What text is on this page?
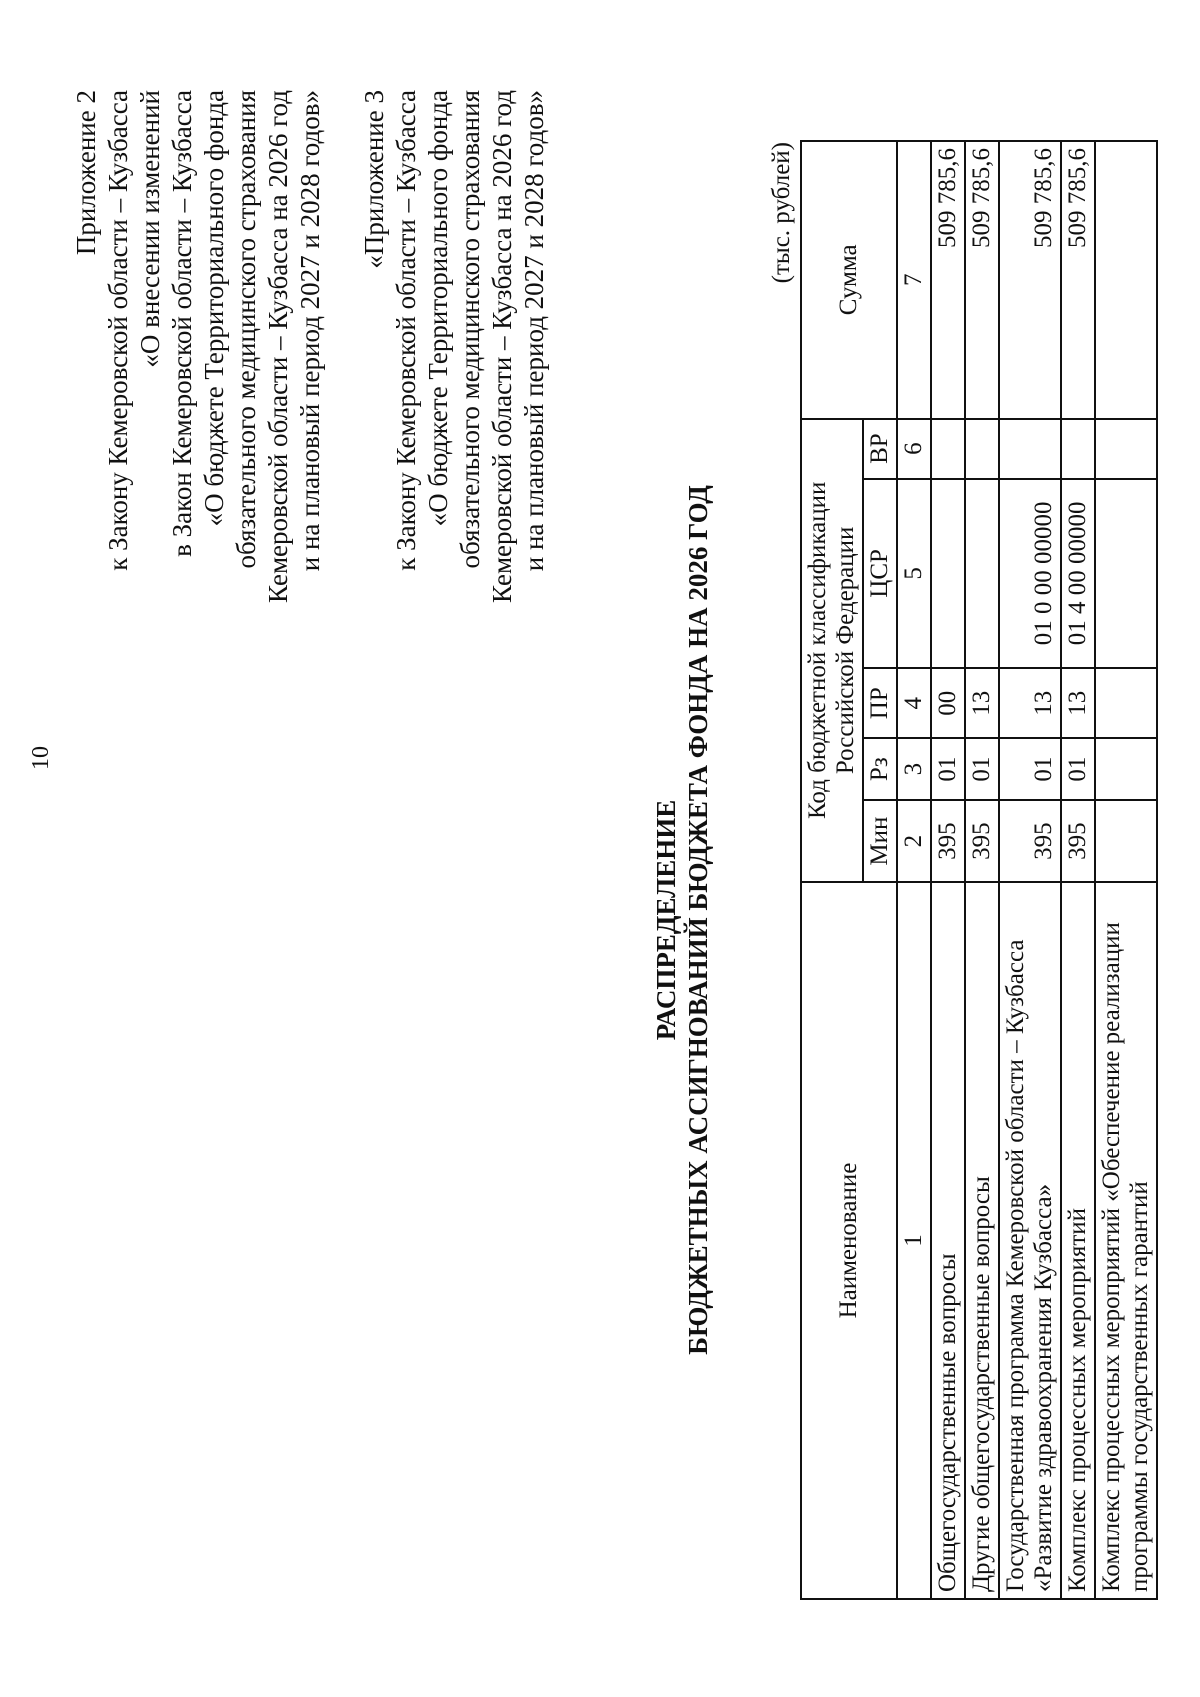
10
Приложение 2 к Закону Кемеровской области – Кузбасса «О внесении изменений в Закон Кемеровской области – Кузбасса «О бюджете Территориального фонда обязательного медицинского страхования Кемеровской области – Кузбасса на 2026 год и на плановый период 2027 и 2028 годов» «Приложение 3 к Закону Кемеровской области – Кузбасса «О бюджете Территориального фонда обязательного медицинского страхования Кемеровской области – Кузбасса на 2026 год и на плановый период 2027 и 2028 годов»
РАСПРЕДЕЛЕНИЕ БЮДЖЕТНЫХ АССИГНОВАНИЙ БЮДЖЕТА ФОНДА НА 2026 ГОД
(тыс. рублей)
Наименование	Код бюджетной классификации Российской Федерации					Сумма
	Мин	Рз	ПР	ЦСР	ВР	
1	2	3	4	5	6	7
Общегосударственные вопросы	395	01	00			509 785,6
Другие общегосударственные вопросы	395	01	13			509 785,6
Государственная программа Кемеровской области – Кузбасса «Развитие здравоохранения Кузбасса»	395	01	13	01 0 00 00000		509 785,6
Комплекс процессных мероприятий	395	01	13	01 4 00 00000		509 785,6
Комплекс процессных мероприятий «Обеспечение реализации программы государственных гарантий						
